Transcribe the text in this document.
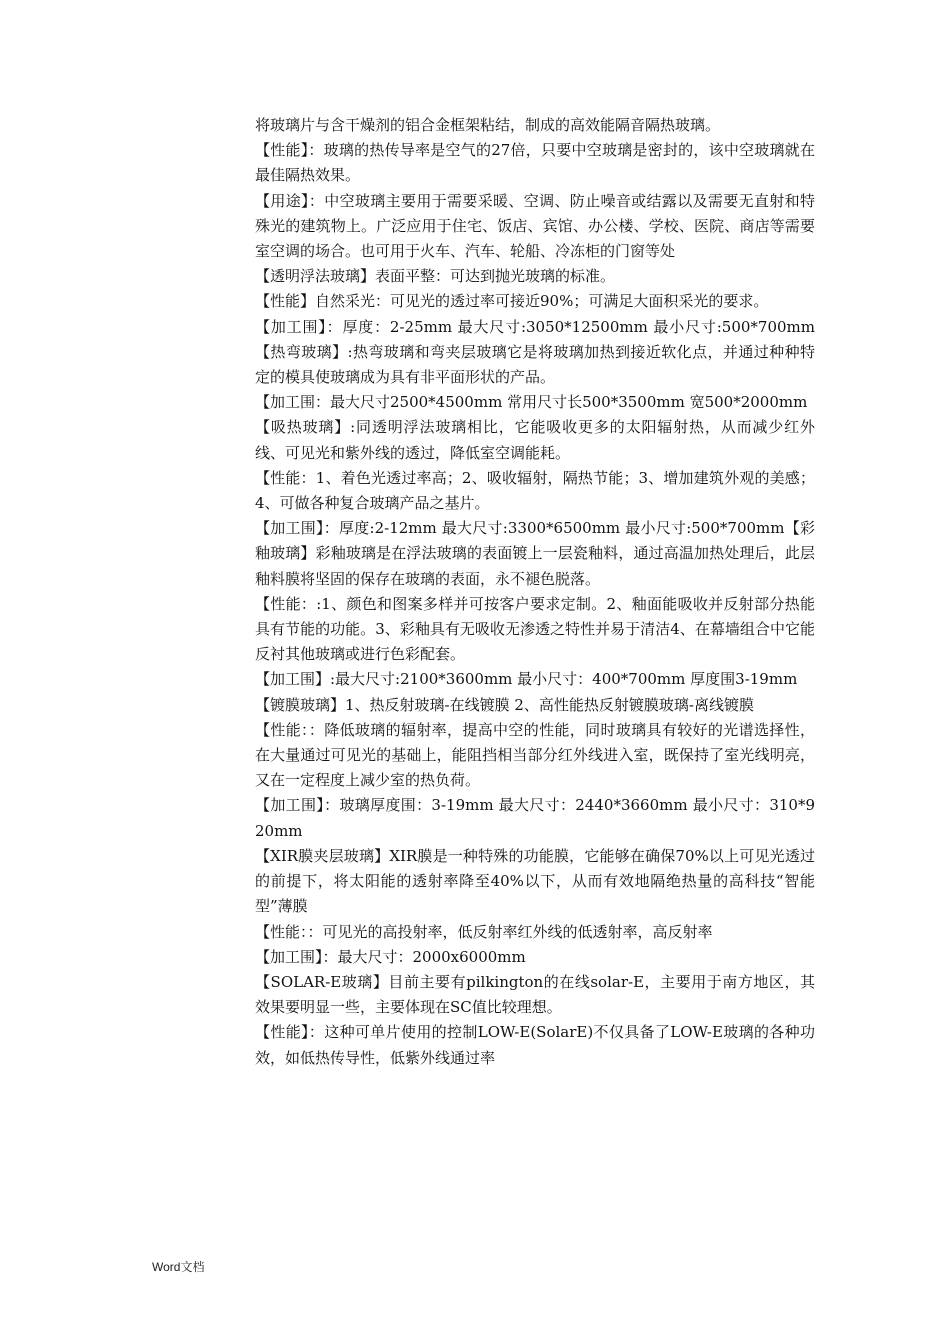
将玻璃片与含干燥剂的铝合金框架粘结，制成的高效能隔音隔热玻璃。

【性能】：玻璃的热传导率是空气的27倍，只要中空玻璃是密封的，该中空玻璃就在最佳隔热效果。

【用途】：中空玻璃主要用于需要采暖、空调、防止噪音或结露以及需要无直射和特殊光的建筑物上。广泛应用于住宅、饭店、宾馆、办公楼、学校、医院、商店等需要室空调的场合。也可用于火车、汽车、轮船、冷冻柜的门窗等处

【透明浮法玻璃】表面平整：可达到抛光玻璃的标准。

【性能】自然采光：可见光的透过率可接近90%；可满足大面积采光的要求。

【加工围】：厚度：2-25mm 最大尺寸:3050*12500mm 最小尺寸:500*700mm【热弯玻璃】:热弯玻璃和弯夹层玻璃它是将玻璃加热到接近软化点，并通过种种特定的模具使玻璃成为具有非平面形状的产品。

【加工围：最大尺寸2500*4500mm 常用尺寸长500*3500mm 宽500*2000mm

【吸热玻璃】:同透明浮法玻璃相比，它能吸收更多的太阳辐射热，从而减少红外线、可见光和紫外线的透过，降低室空调能耗。

【性能：1、着色光透过率高；2、吸收辐射，隔热节能；3、增加建筑外观的美感；4、可做各种复合玻璃产品之基片。

【加工围】：厚度:2-12mm 最大尺寸:3300*6500mm 最小尺寸:500*700mm【彩釉玻璃】彩釉玻璃是在浮法玻璃的表面镀上一层瓷釉料，通过高温加热处理后，此层釉料膜将坚固的保存在玻璃的表面，永不褪色脱落。

【性能：:1、颜色和图案多样并可按客户要求定制。2、釉面能吸收并反射部分热能具有节能的功能。3、彩釉具有无吸收无渗透之特性并易于清洁4、在幕墙组合中它能反衬其他玻璃或进行色彩配套。

【加工围】:最大尺寸:2100*3600mm 最小尺寸：400*700mm 厚度围3-19mm

【镀膜玻璃】1、热反射玻璃-在线镀膜 2、高性能热反射镀膜玻璃-离线镀膜

【性能：：降低玻璃的辐射率，提高中空的性能，同时玻璃具有较好的光谱选择性，在大量通过可见光的基础上，能阻挡相当部分红外线进入室，既保持了室光线明亮，又在一定程度上减少室的热负荷。

【加工围】：玻璃厚度围：3-19mm 最大尺寸：2440*3660mm 最小尺寸：310*920mm

【XIR膜夹层玻璃】XIR膜是一种特殊的功能膜，它能够在确保70%以上可见光透过的前提下，将太阳能的透射率降至40%以下，从而有效地隔绝热量的高科技“智能型”薄膜

【性能：：可见光的高投射率，低反射率红外线的低透射率，高反射率

【加工围】：最大尺寸：2000x6000mm

【SOLAR-E玻璃】目前主要有pilkington的在线solar-E，主要用于南方地区，其效果要明显一些，主要体现在SC值比较理想。

【性能】：这种可单片使用的控制LOW-E(SolarE)不仅具备了LOW-E玻璃的各种功效，如低热传导性，低紫外线通过率

Word文档
